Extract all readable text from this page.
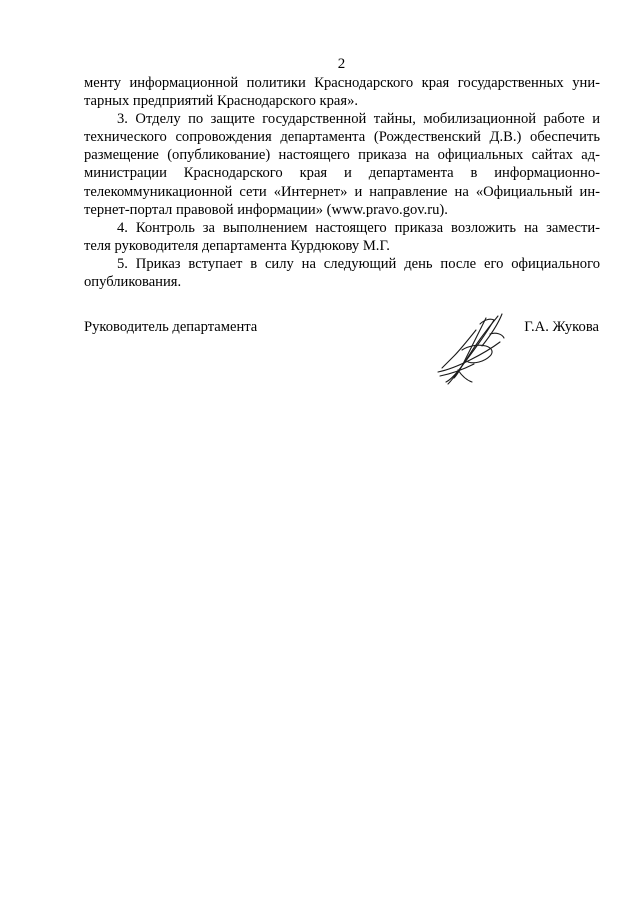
2
менту информационной политики Краснодарского края государственных уни-
тарных предприятий Краснодарского края».
3. Отделу по защите государственной тайны, мобилизационной работе и
технического сопровождения департамента (Рождественский Д.В.) обеспечить
размещение (опубликование) настоящего приказа на официальных сайтах ад-
министрации Краснодарского края и департамента в информационно-
телекоммуникационной сети «Интернет» и направление на «Официальный ин-
тернет-портал правовой информации» (www.pravo.gov.ru).
4. Контроль за выполнением настоящего приказа возложить на замести-
теля руководителя департамента Курдюкову М.Г.
5. Приказ вступает в силу на следующий день после его официального
опубликования.
Руководитель департамента	Г.А. Жукова
